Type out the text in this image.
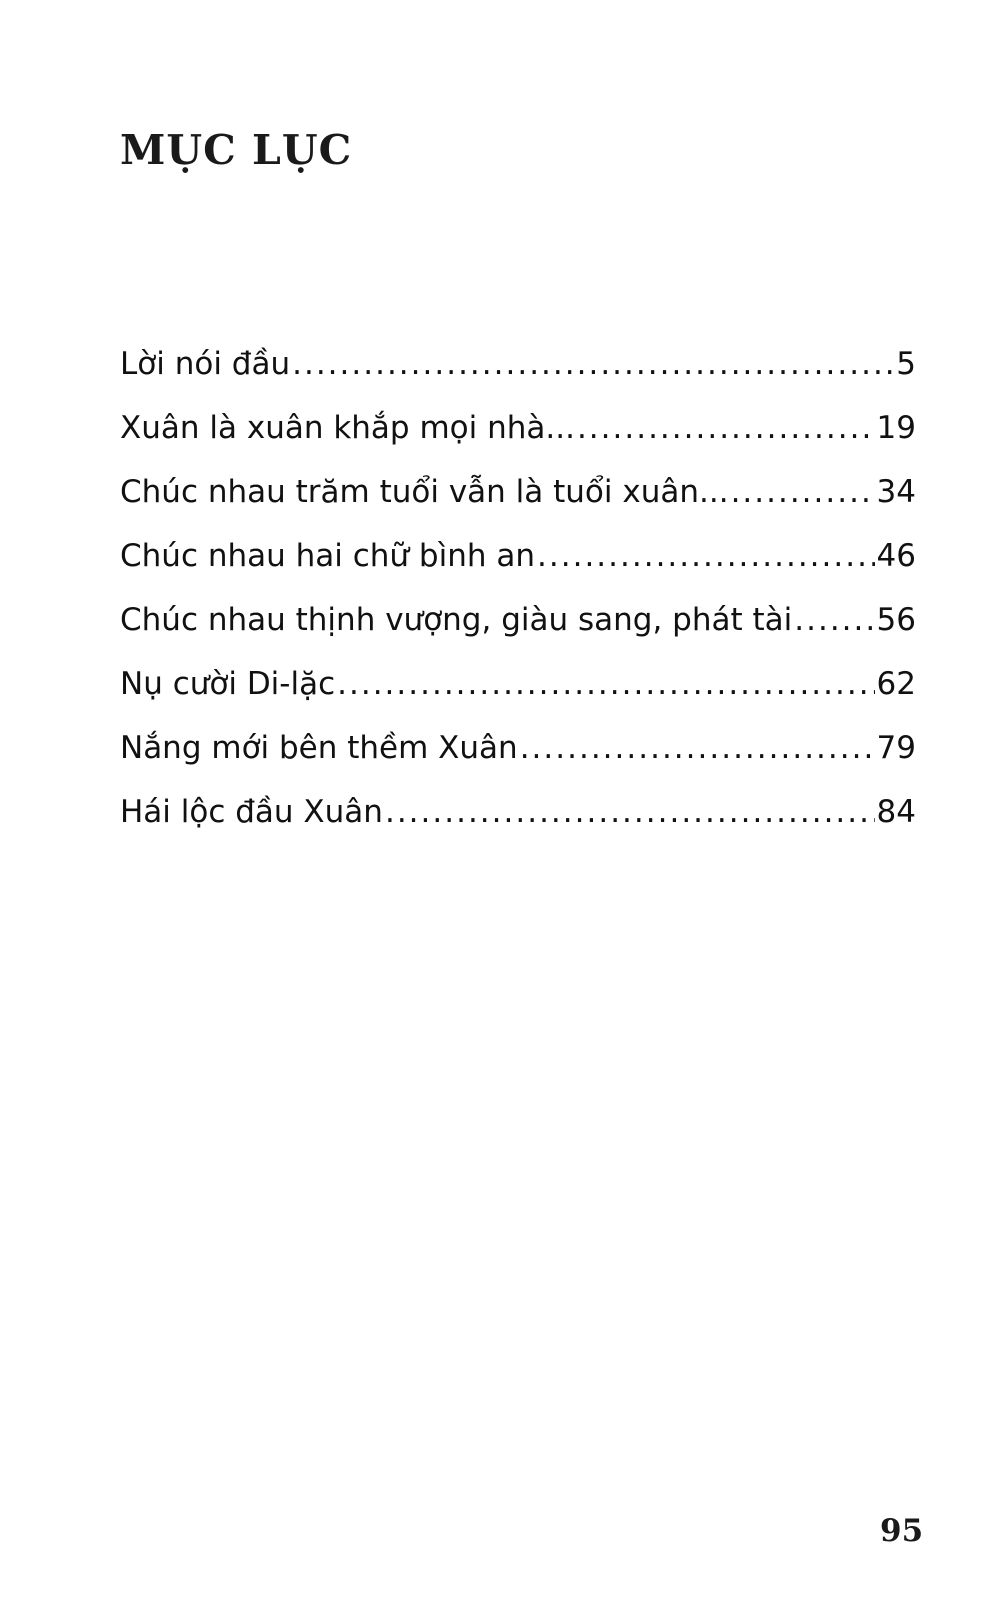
MỤC LỤC
Lời nói đầu .....	5
Xuân là xuân khắp mọi nhà... .....	19
Chúc nhau trăm tuổi vẫn là tuổi xuân... .....	34
Chúc nhau hai chữ bình an .....	46
Chúc nhau thịnh vượng, giàu sang, phát tài .....	56
Nụ cười Di-lặc .....	62
Nắng mới bên thềm Xuân .....	79
Hái lộc đầu Xuân .....	84
95
